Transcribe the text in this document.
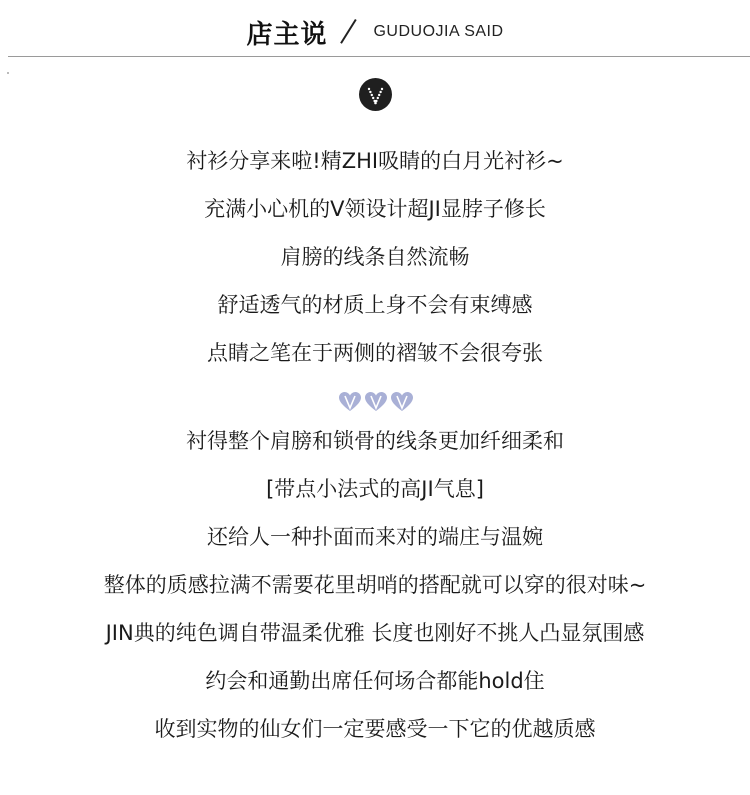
店主说	GUDUOJIA SAID
衬衫分享来啦!精ZHI吸睛的白月光衬衫~
充满小心机的V领设计超JI显脖子修长
肩膀的线条自然流畅
舒适透气的材质上身不会有束缚感
点睛之笔在于两侧的褶皱不会很夸张
衬得整个肩膀和锁骨的线条更加纤细柔和
[带点小法式的高JI气息]
还给人一种扑面而来对的端庄与温婉
整体的质感拉满不需要花里胡哨的搭配就可以穿的很对味~
JIN典的纯色调自带温柔优雅 长度也刚好不挑人凸显氛围感
约会和通勤出席任何场合都能hold住
收到实物的仙女们一定要感受一下它的优越质感
